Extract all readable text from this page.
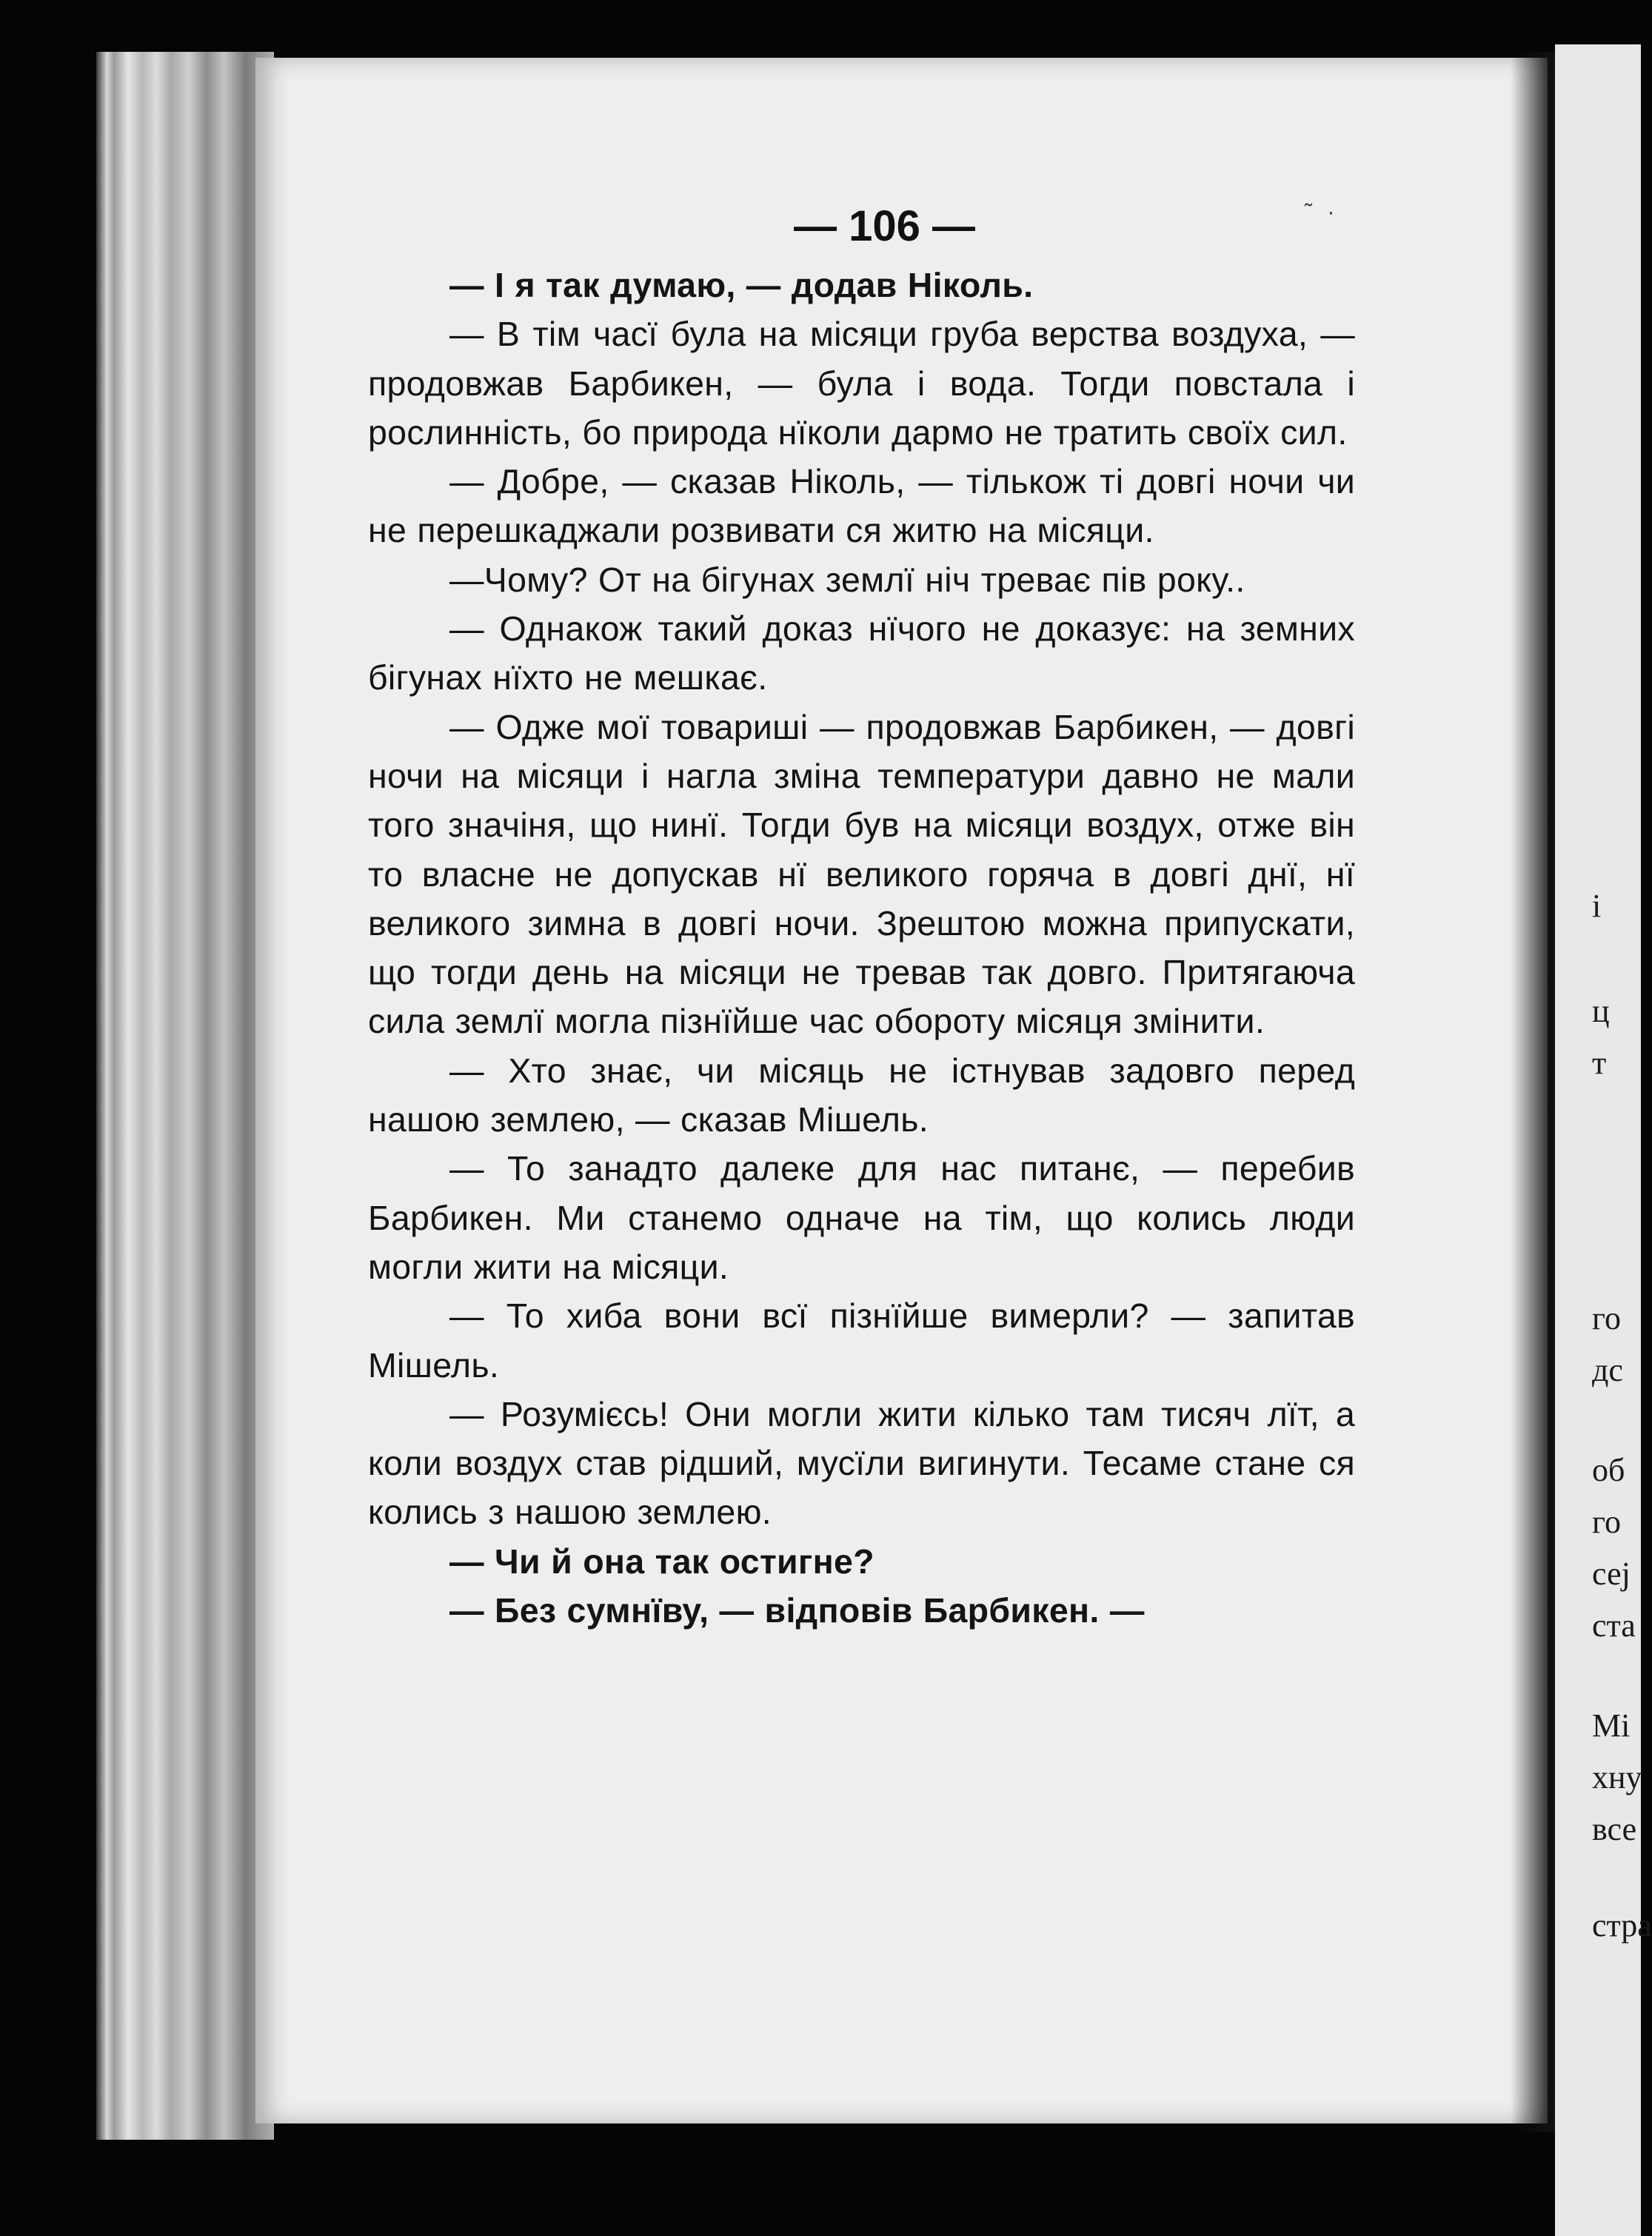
і
ц
т
го
дс
об
го
сеј
ста
Мі
хну
все
стра
— 106 —	˜ ·

— І я так думаю, — додав Ніколь.

— В тім часї була на місяци груба верства воздуха, — продовжав Барбикен, — була і вода. Тогди повстала і рослинність, бо природа нїколи дармо не тратить своїх сил.

— Добре, — сказав Ніколь, — тількож ті довгі ночи чи не перешкаджали розвивати ся житю на місяци.

—Чому? От на бігунах землї ніч треває пів року..

— Однакож такий доказ нїчого не доказує: на земних бігунах нїхто не мешкає.

— Одже мої товариші — продовжав Барбикен, — довгі ночи на місяци і нагла зміна температури давно не мали того значіня, що нинї. Тогди був на місяци воздух, отже він то власне не допускав нї великого горяча в довгі днї, нї великого зимна в довгі ночи. Зрештою можна припускати, що тогди день на місяци не тревав так довго. Притягаюча сила землї могла пізнїйше час обороту місяця змінити.

— Хто знає, чи місяць не істнував задовго перед нашою землею, — сказав Мішель.

— То занадто далеке для нас питанє, — перебив Барбикен. Ми станемо одначе на тім, що колись люди могли жити на місяци.

— То хиба вони всї пізнїйше вимерли? — запитав Мішель.

— Розумієсь! Они могли жити кілько там тисяч лїт, а коли воздух став рідший, мусїли вигинути. Тесаме стане ся колись з нашою землею.

— Чи й она так остигне?

— Без сумнїву, — відповів Барбикен. —
